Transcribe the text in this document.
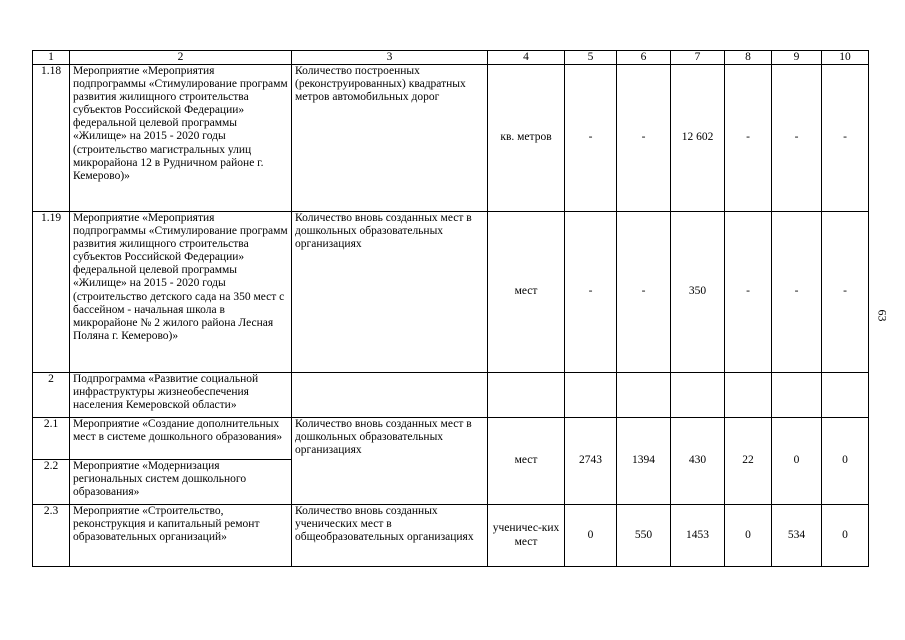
1	2	3	4	5	6	7	8	9	10
1.18	Мероприятие «Мероприятия подпрограммы «Стимулирование программ развития жилищного строительства субъектов Российской Федерации» федеральной целевой программы «Жилище» на 2015 - 2020 годы (строительство магистральных улиц микрорайона 12 в Рудничном районе г. Кемерово)»	Количество построенных (реконструированных) квадратных метров автомобильных дорог	кв. метров	-	-	12 602	-	-	-
1.19	Мероприятие «Мероприятия подпрограммы «Стимулирование программ развития жилищного строительства субъектов Российской Федерации» федеральной целевой программы «Жилище» на 2015 - 2020 годы (строительство детского сада на 350 мест с бассейном - начальная школа в микрорайоне № 2 жилого района Лесная Поляна г. Кемерово)»	Количество вновь созданных мест в дошкольных образовательных организациях	мест	-	-	350	-	-	-
2	Подпрограмма «Развитие социальной инфраструктуры жизнеобеспечения населения Кемеровской области»								
2.1	Мероприятие «Создание дополнительных мест в системе дошкольного образования»	Количество вновь созданных мест в дошкольных образовательных организациях	мест	2743	1394	430	22	0	0
2.2	Мероприятие «Модернизация региональных систем дошкольного образования»								
2.3	Мероприятие «Строительство, реконструкция и капитальный ремонт образовательных организаций»	Количество вновь созданных ученических мест в общеобразовательных организациях	ученичес-ких мест	0	550	1453	0	534	0
63
